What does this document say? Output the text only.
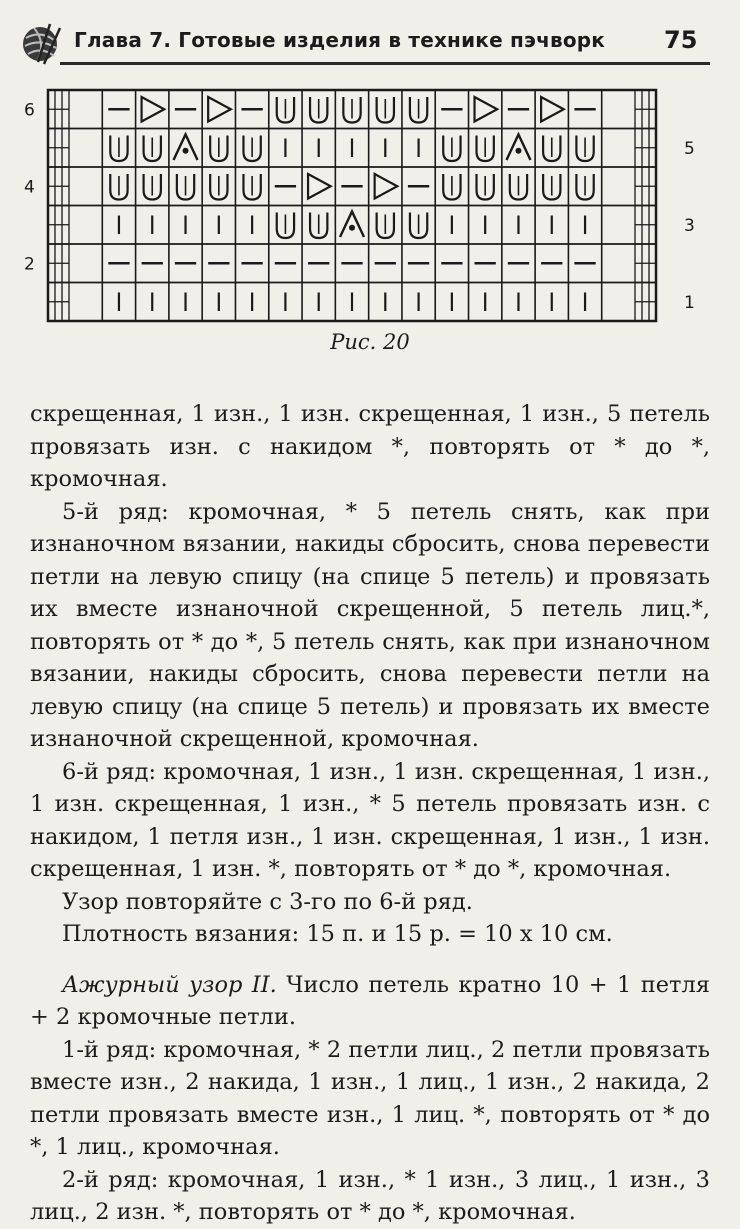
Глава 7. Готовые изделия в технике пэчворк 75
6
4
2
5
3
1
Рис. 20

скрещенная, 1 изн., 1 изн. скрещенная, 1 изн., 5 петель провязать изн. с накидом *, повторять от * до *, кромочная.

5-й ряд: кромочная, * 5 петель снять, как при изнаночном вязании, накиды сбросить, снова перевести петли на левую спицу (на спице 5 петель) и провязать их вместе изнаночной скрещенной, 5 петель лиц.*, повторять от * до *, 5 петель снять, как при изнаночном вязании, накиды сбросить, снова перевести петли на левую спицу (на спице 5 петель) и провязать их вместе изнаночной скрещенной, кромочная.

6-й ряд: кромочная, 1 изн., 1 изн. скрещенная, 1 изн., 1 изн. скрещенная, 1 изн., * 5 петель провязать изн. с накидом, 1 петля изн., 1 изн. скрещенная, 1 изн., 1 изн. скрещенная, 1 изн. *, повторять от * до *, кромочная.

Узор повторяйте с 3-го по 6-й ряд.

Плотность вязания: 15 п. и 15 р. = 10 х 10 см.

Ажурный узор II. Число петель кратно 10 + 1 петля + 2 кромочные петли.

1-й ряд: кромочная, * 2 петли лиц., 2 петли провязать вместе изн., 2 накида, 1 изн., 1 лиц., 1 изн., 2 накида, 2 петли провязать вместе изн., 1 лиц. *, повторять от * до *, 1 лиц., кромочная.

2-й ряд: кромочная, 1 изн., * 1 изн., 3 лиц., 1 изн., 3 лиц., 2 изн. *, повторять от * до *, кромочная.
